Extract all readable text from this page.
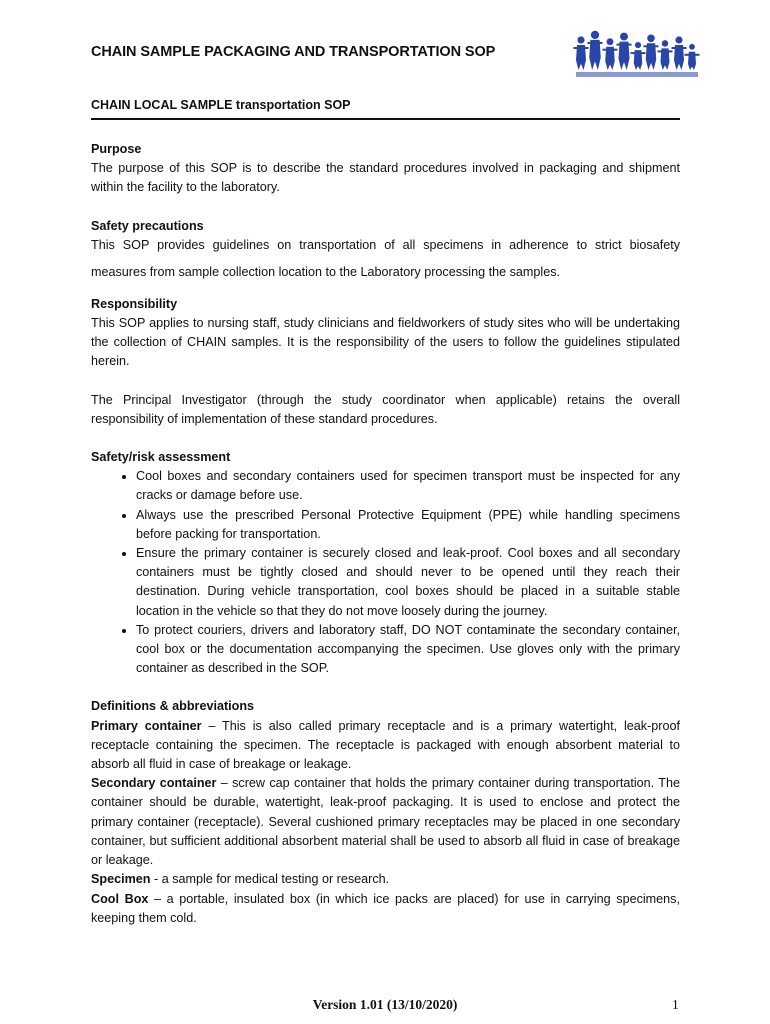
CHAIN SAMPLE PACKAGING AND TRANSPORTATION SOP
CHAIN LOCAL SAMPLE transportation SOP
Purpose

The purpose of this SOP is to describe the standard procedures involved in packaging and shipment within the facility to the laboratory.

Safety precautions

This SOP provides guidelines on transportation of all specimens in adherence to strict biosafety measures from sample collection location to the Laboratory processing the samples.

Responsibility

This SOP applies to nursing staff, study clinicians and fieldworkers of study sites who will be undertaking the collection of CHAIN samples. It is the responsibility of the users to follow the guidelines stipulated herein.

The Principal Investigator (through the study coordinator when applicable) retains the overall responsibility of implementation of these standard procedures.

Safety/risk assessment
• Cool boxes and secondary containers used for specimen transport must be inspected for any cracks or damage before use.
• Always use the prescribed Personal Protective Equipment (PPE) while handling specimens before packing for transportation.
• Ensure the primary container is securely closed and leak-proof. Cool boxes and all secondary containers must be tightly closed and should never to be opened until they reach their destination. During vehicle transportation, cool boxes should be placed in a suitable stable location in the vehicle so that they do not move loosely during the journey.
• To protect couriers, drivers and laboratory staff, DO NOT contaminate the secondary container, cool box or the documentation accompanying the specimen. Use gloves only with the primary container as described in the SOP.
Definitions & abbreviations

Primary container – This is also called primary receptacle and is a primary watertight, leak-proof receptacle containing the specimen. The receptacle is packaged with enough absorbent material to absorb all fluid in case of breakage or leakage.

Secondary container – screw cap container that holds the primary container during transportation. The container should be durable, watertight, leak-proof packaging. It is used to enclose and protect the primary container (receptacle). Several cushioned primary receptacles may be placed in one secondary container, but sufficient additional absorbent material shall be used to absorb all fluid in case of breakage or leakage.

Specimen - a sample for medical testing or research.

Cool Box – a portable, insulated box (in which ice packs are placed) for use in carrying specimens, keeping them cold.

Version 1.01 (13/10/2020)	1
